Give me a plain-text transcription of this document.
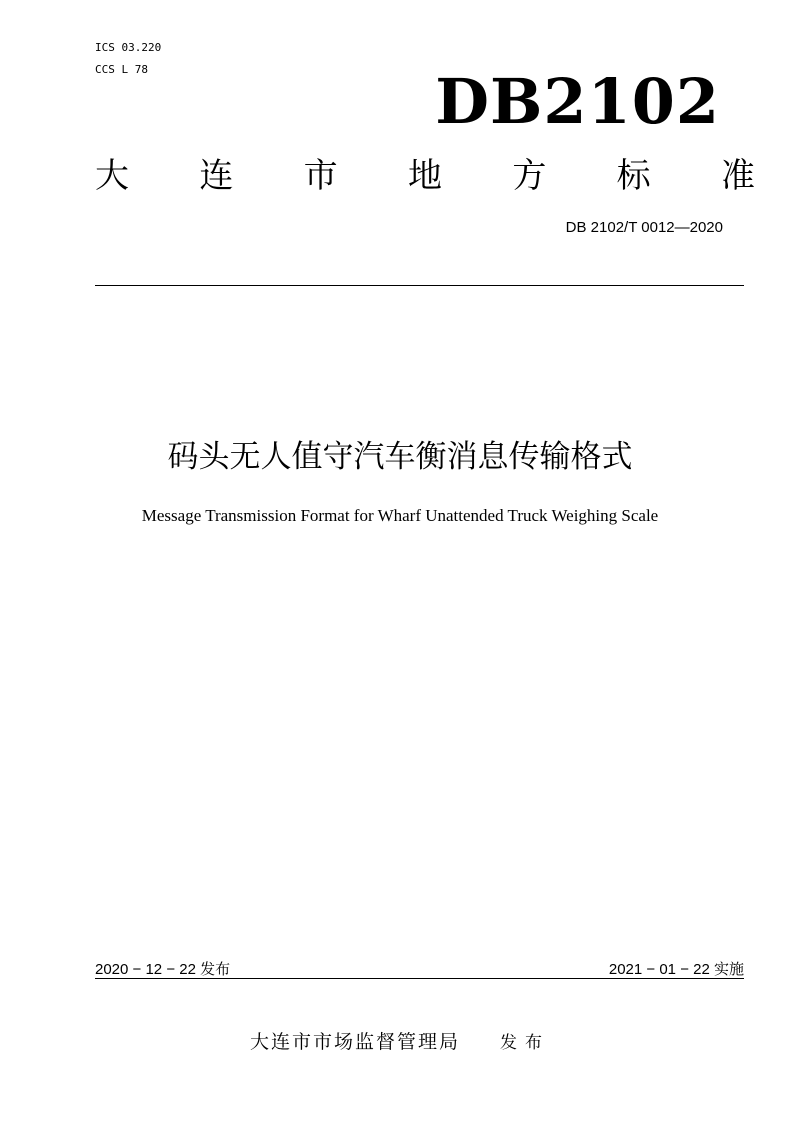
ICS 03.220
CCS L 78	DB2102
大 连 市 地 方 标 准
DB 2102/T 0012—2020
码头无人值守汽车衡消息传输格式
Message Transmission Format for Wharf Unattended Truck Weighing Scale
2020 − 12 − 22 发布	2021 − 01 − 22 实施
大连市市场监督管理局 发布
